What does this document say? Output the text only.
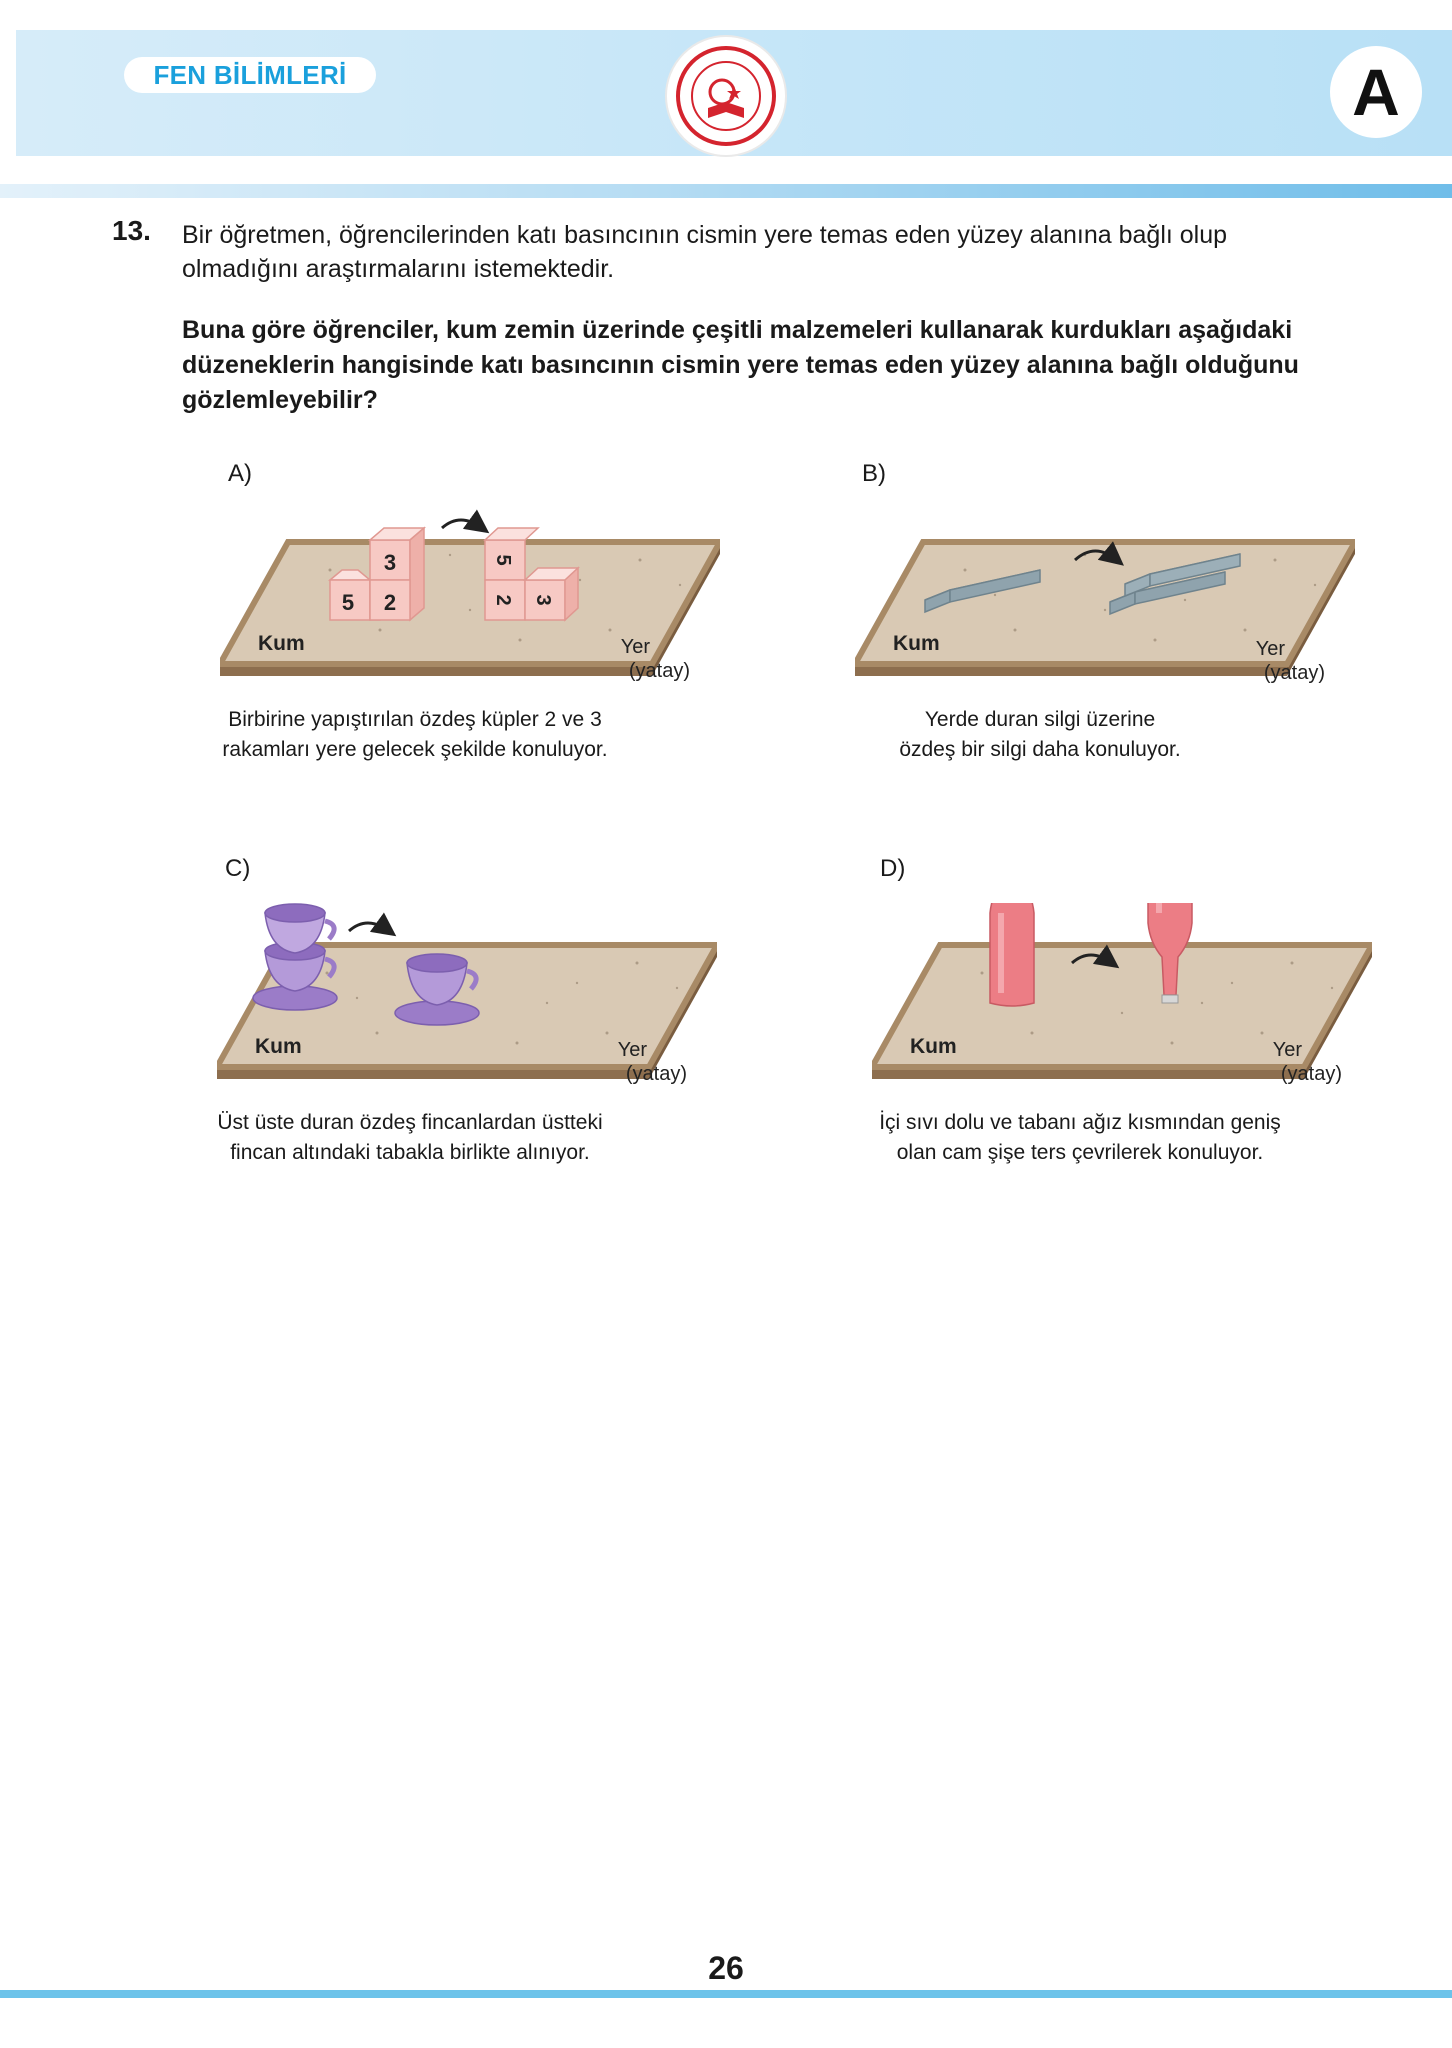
FEN BİLİMLERİ	A
13. Bir öğretmen, öğrencilerinden katı basıncının cismin yere temas eden yüzey alanına bağlı olup olmadığını araştırmalarını istemektedir.

Buna göre öğrenciler, kum zemin üzerinde çeşitli malzemeleri kullanarak kurdukları aşağıdaki düzeneklerin hangisinde katı basıncının cismin yere temas eden yüzey alanına bağlı olduğunu gözlemleyebilir?

A)
3
5 2
5
2 3
Kum	Yer
(yatay)
Birbirine yapıştırılan özdeş küpler 2 ve 3
rakamları yere gelecek şekilde konuluyor.
B)
Kum	Yer
(yatay)
Yerde duran silgi üzerine
özdeş bir silgi daha konuluyor.
C)
Kum	Yer
(yatay)
Üst üste duran özdeş fincanlardan üstteki
fincan altındaki tabakla birlikte alınıyor.
D)
Kum	Yer
(yatay)
İçi sıvı dolu ve tabanı ağız kısmından geniş
olan cam şişe ters çevrilerek konuluyor.
26
